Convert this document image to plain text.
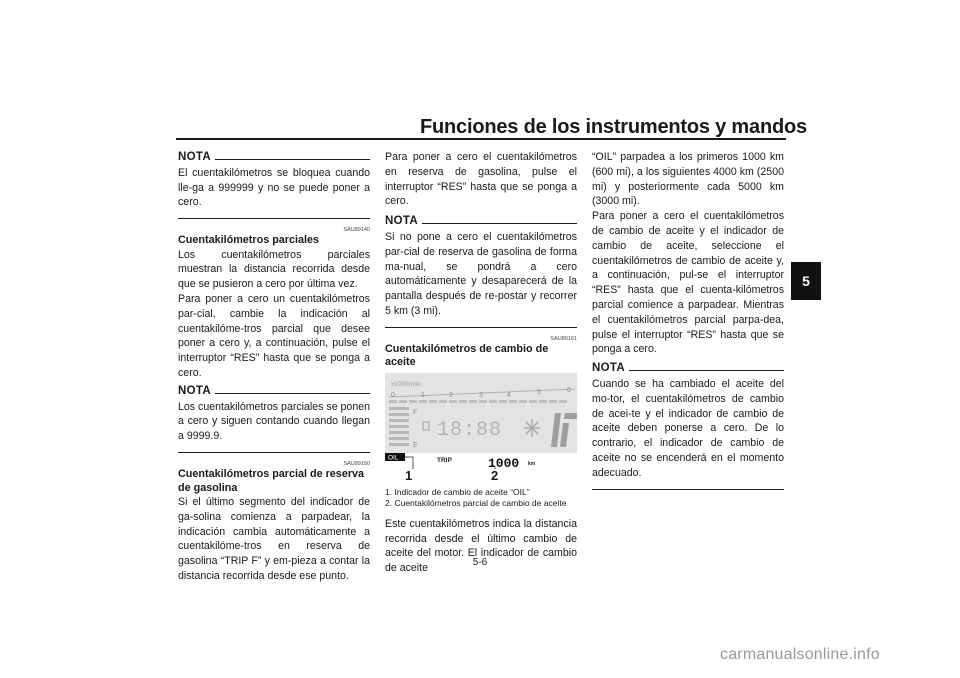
Funciones de los instrumentos y mandos
5
NOTA

El cuentakilómetros se bloquea cuando lle-ga a 999999 y no se puede poner a cero.

SAU89140
Cuentakilómetros parciales

Los cuentakilómetros parciales muestran la distancia recorrida desde que se pusieron a cero por última vez.

Para poner a cero un cuentakilómetros par-cial, cambie la indicación al cuentakilóme-tros parcial que desee poner a cero y, a continuación, pulse el interruptor “RES” hasta que se ponga a cero.

NOTA

Los cuentakilómetros parciales se ponen a cero y siguen contando cuando llegan a 9999.9.

SAU89150
Cuentakilómetros parcial de reserva de gasolina

Si el último segmento del indicador de ga-solina comienza a parpadear, la indicación cambia automáticamente a cuentakilóme-tros en reserva de gasolina “TRIP F” y em-pieza a contar la distancia recorrida desde ese punto.

Para poner a cero el cuentakilómetros en reserva de gasolina, pulse el interruptor “RES” hasta que se ponga a cero.

NOTA

Si no pone a cero el cuentakilómetros par-cial de reserva de gasolina de forma ma-nual, se pondrá a cero automáticamente y desaparecerá de la pantalla después de re-postar y recorrer 5 km (3 mi).

SAU89161
Cuentakilómetros de cambio de aceite
x1000r/min
0	1	2	3	4	5	6
F
E
18:88
OIL	TRIP	1000 km
1	2
1. Indicador de cambio de aceite “OIL”
2. Cuentakilómetros parcial de cambio de aceite

Este cuentakilómetros indica la distancia recorrida desde el último cambio de aceite del motor. El indicador de cambio de aceite

“OIL” parpadea a los primeros 1000 km (600 mi), a los siguientes 4000 km (2500 mi) y posteriormente cada 5000 km (3000 mi).

Para poner a cero el cuentakilómetros de cambio de aceite y el indicador de cambio de aceite, seleccione el cuentakilómetros de cambio de aceite y, a continuación, pul-se el interruptor “RES” hasta que el cuenta-kilómetros parcial comience a parpadear. Mientras el cuentakilómetros parcial parpa-dea, pulse el interruptor “RES” hasta que se ponga a cero.

NOTA

Cuando se ha cambiado el aceite del mo-tor, el cuentakilómetros de cambio de acei-te y el indicador de cambio de aceite deben ponerse a cero. De lo contrario, el indicador de cambio de aceite no se encenderá en el momento adecuado.

5-6
carmanualsonline.info
